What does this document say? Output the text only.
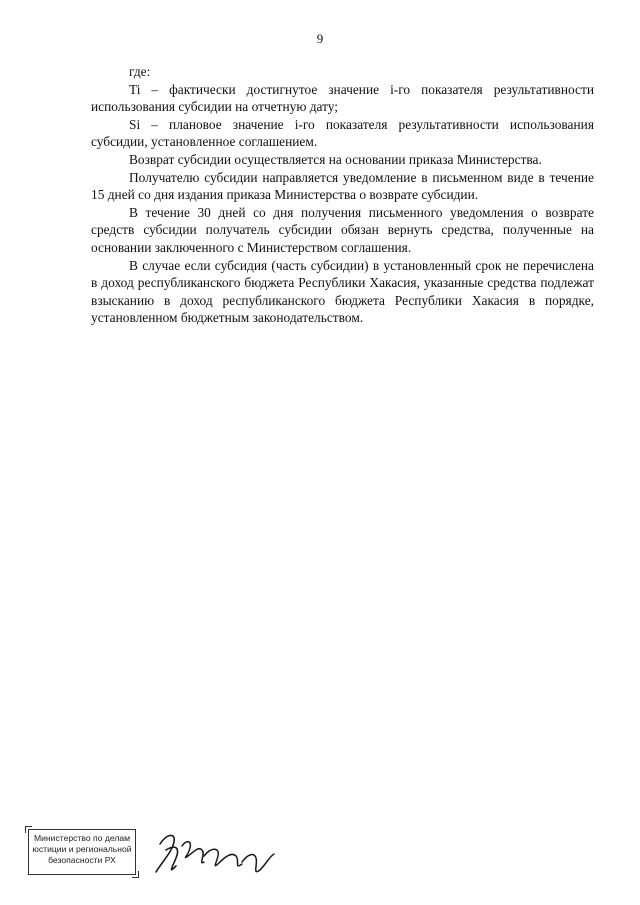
9

где:

Ti – фактически достигнутое значение i-го показателя результативности использования субсидии на отчетную дату;

Si – плановое значение i-го показателя результативности использования субсидии, установленное соглашением.

Возврат субсидии осуществляется на основании приказа Министерства.

Получателю субсидии направляется уведомление в письменном виде в течение 15 дней со дня издания приказа Министерства о возврате субсидии.

В течение 30 дней со дня получения письменного уведомления о возврате средств субсидии получатель субсидии обязан вернуть средства, полученные на основании заключенного с Министерством соглашения.

В случае если субсидия (часть субсидии) в установленный срок не перечислена в доход республиканского бюджета Республики Хакасия, указанные средства подлежат взысканию в доход республиканского бюджета Республики Хакасия в порядке, установленном бюджетным законодательством.

Министерство по делам
юстиции и региональной
безопасности РХ
